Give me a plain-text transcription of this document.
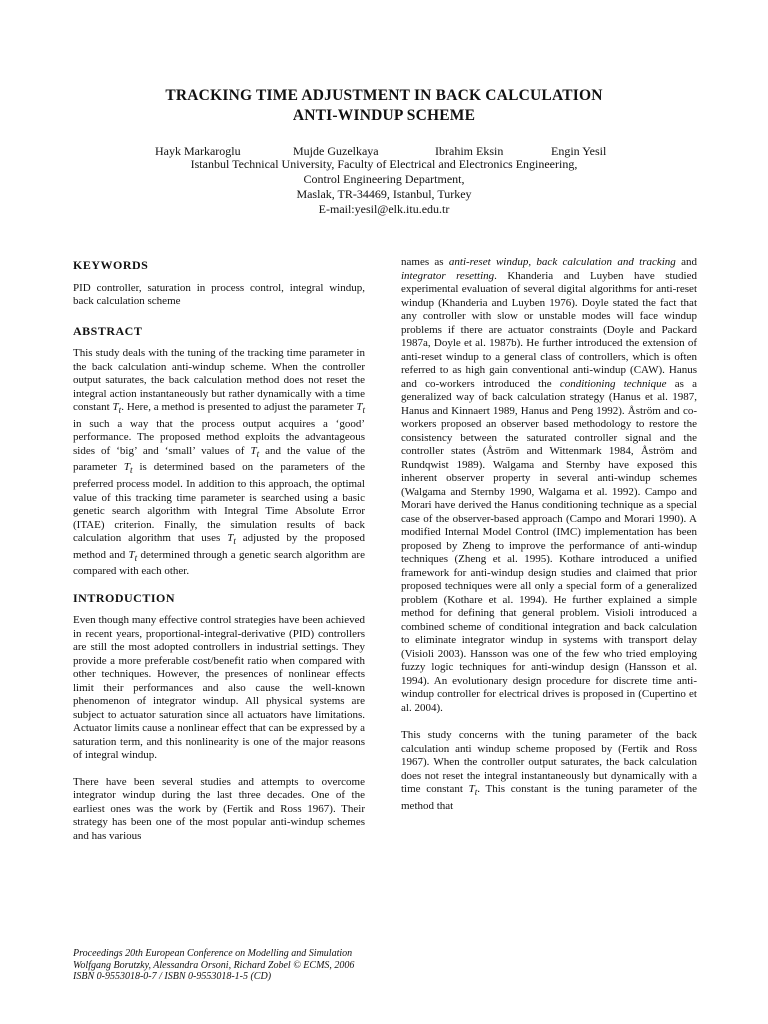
TRACKING TIME ADJUSTMENT IN BACK CALCULATION
ANTI-WINDUP SCHEME
Hayk Markaroglu	Mujde Guzelkaya	Ibrahim Eksin	Engin Yesil
Istanbul Technical University, Faculty of Electrical and Electronics Engineering,
Control Engineering Department,
Maslak, TR-34469, Istanbul, Turkey
E-mail:yesil@elk.itu.edu.tr
KEYWORDS

PID controller, saturation in process control, integral windup, back calculation scheme

ABSTRACT

This study deals with the tuning of the tracking time parameter in the back calculation anti-windup scheme. When the controller output saturates, the back calculation method does not reset the integral action instantaneously but rather dynamically with a time constant $T_t$. Here, a method is presented to adjust the parameter $T_t$ in such a way that the process output acquires a ‘good’ performance. The proposed method exploits the advantageous sides of ‘big’ and ‘small’ values of $T_t$ and the value of the parameter $T_t$ is determined based on the parameters of the preferred process model. In addition to this approach, the optimal value of this tracking time parameter is searched using a basic genetic search algorithm with Integral Time Absolute Error (ITAE) criterion. Finally, the simulation results of back calculation algorithm that uses $T_t$ adjusted by the proposed method and $T_t$ determined through a genetic search algorithm are compared with each other.

INTRODUCTION

Even though many effective control strategies have been achieved in recent years, proportional-integral-derivative (PID) controllers are still the most adopted controllers in industrial settings. They provide a more preferable cost/benefit ratio when compared with other techniques. However, the presences of nonlinear effects limit their performances and also cause the well-known phenomenon of integrator windup. All physical systems are subject to actuator saturation since all actuators have limitations. Actuator limits cause a nonlinear effect that can be expressed by a saturation term, and this nonlinearity is one of the major reasons of integral windup.

There have been several studies and attempts to overcome integrator windup during the last three decades. One of the earliest ones was the work by (Fertik and Ross 1967). Their strategy has been one of the most popular anti-windup schemes and has various

names as anti-reset windup, back calculation and tracking and integrator resetting. Khanderia and Luyben have studied experimental evaluation of several digital algorithms for anti-reset windup (Khanderia and Luyben 1976). Doyle stated the fact that any controller with slow or unstable modes will face windup problems if there are actuator constraints (Doyle and Packard 1987a, Doyle et al. 1987b). He further introduced the extension of anti-reset windup to a general class of controllers, which is often referred to as high gain conventional anti-windup (CAW). Hanus and co-workers introduced the conditioning technique as a generalized way of back calculation strategy (Hanus et al. 1987, Hanus and Kinnaert 1989, Hanus and Peng 1992). Åström and co-workers proposed an observer based methodology to restore the consistency between the saturated controller signal and the controller states (Åström and Wittenmark 1984, Åström and Rundqwist 1989). Walgama and Sternby have exposed this inherent observer property in several anti-windup schemes (Walgama and Sternby 1990, Walgama et al. 1992). Campo and Morari have derived the Hanus conditioning technique as a special case of the observer-based approach (Campo and Morari 1990). A modified Internal Model Control (IMC) implementation has been proposed by Zheng to improve the performance of anti-windup techniques (Zheng et al. 1995). Kothare introduced a unified framework for anti-windup design studies and claimed that prior proposed techniques were all only a special form of a generalized problem (Kothare et al. 1994). He further explained a simple method for defining that general problem. Visioli introduced a combined scheme of conditional integration and back calculation to eliminate integrator windup in systems with transport delay (Visioli 2003). Hansson was one of the few who tried employing fuzzy logic techniques for anti-windup design (Hansson et al. 1994). An evolutionary design procedure for discrete time anti-windup controller for electrical drives is proposed in (Cupertino et al. 2004).

This study concerns with the tuning parameter of the back calculation anti windup scheme proposed by (Fertik and Ross 1967). When the controller output saturates, the back calculation does not reset the integral instantaneously but dynamically with a time constant $T_t$. This constant is the tuning parameter of the method that

Proceedings 20th European Conference on Modelling and Simulation
Wolfgang Borutzky, Alessandra Orsoni, Richard Zobel © ECMS, 2006
ISBN 0-9553018-0-7 / ISBN 0-9553018-1-5 (CD)
